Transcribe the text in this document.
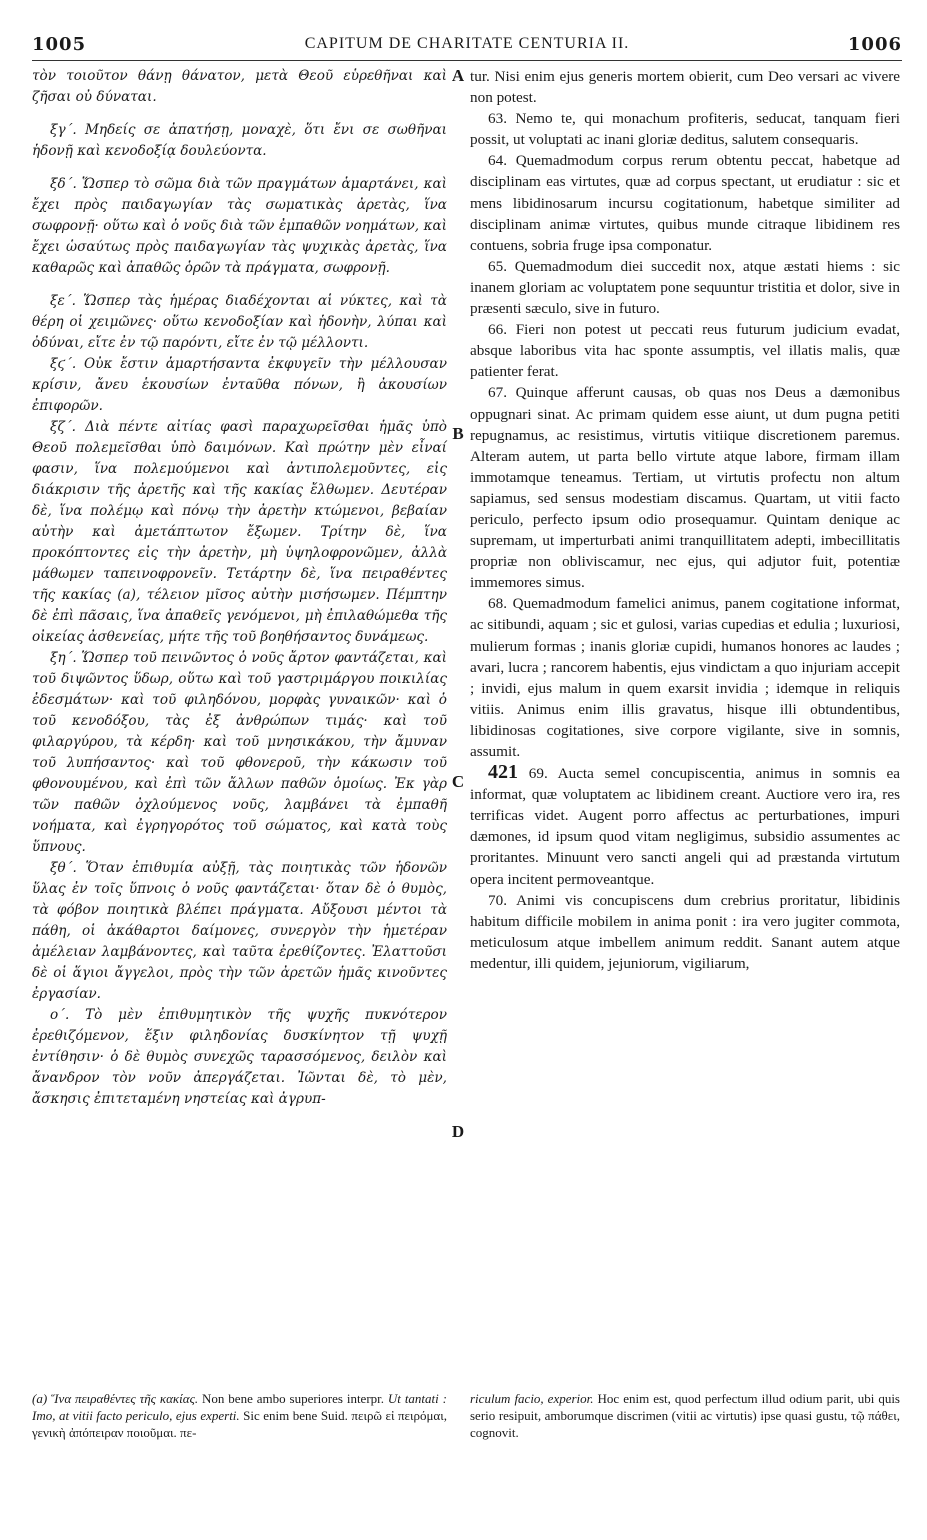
1005	CAPITUM DE CHARITATE CENTURIA II.	1006

τὸν τοιοῦτον θάνῃ θάνατον, μετὰ Θεοῦ εὑρεθῆναι καὶ ζῆσαι οὐ δύναται.

ξγ΄. Μηδείς σε ἀπατήσῃ, μοναχὲ, ὅτι ἔνι σε σωθῆναι ἡδονῇ καὶ κενοδοξίᾳ δουλεύοντα.

ξδ΄. Ὥσπερ τὸ σῶμα διὰ τῶν πραγμάτων ἁμαρτάνει, καὶ ἔχει πρὸς παιδαγωγίαν τὰς σωματικὰς ἀρετὰς, ἵνα σωφρονῇ· οὕτω καὶ ὁ νοῦς διὰ τῶν ἐμπαθῶν νοημάτων, καὶ ἔχει ὡσαύτως πρὸς παιδαγωγίαν τὰς ψυχικὰς ἀρετὰς, ἵνα καθαρῶς καὶ ἀπαθῶς ὁρῶν τὰ πράγματα, σωφρονῇ.

ξε΄. Ὥσπερ τὰς ἡμέρας διαδέχονται αἱ νύκτες, καὶ τὰ θέρη οἱ χειμῶνες· οὕτω κενοδοξίαν καὶ ἡδονὴν, λύπαι καὶ ὀδύναι, εἴτε ἐν τῷ παρόντι, εἴτε ἐν τῷ μέλλοντι.

ξϛ΄. Οὐκ ἔστιν ἁμαρτήσαντα ἐκφυγεῖν τὴν μέλλουσαν κρίσιν, ἄνευ ἑκουσίων ἐνταῦθα πόνων, ἢ ἀκουσίων ἐπιφορῶν.

ξζ΄. Διὰ πέντε αἰτίας φασὶ παραχωρεῖσθαι ἡμᾶς ὑπὸ Θεοῦ πολεμεῖσθαι ὑπὸ δαιμόνων. Καὶ πρώτην μὲν εἶναί φασιν, ἵνα πολεμούμενοι καὶ ἀντιπολεμοῦντες, εἰς διάκρισιν τῆς ἀρετῆς καὶ τῆς κακίας ἔλθωμεν. Δευτέραν δὲ, ἵνα πολέμῳ καὶ πόνῳ τὴν ἀρετὴν κτώμενοι, βεβαίαν αὐτὴν καὶ ἀμετάπτωτον ἔξωμεν. Τρίτην δὲ, ἵνα προκόπτοντες εἰς τὴν ἀρετὴν, μὴ ὑψηλοφρονῶμεν, ἀλλὰ μάθωμεν ταπεινοφρονεῖν. Τετάρτην δὲ, ἵνα πειραθέντες τῆς κακίας (a), τέλειον μῖσος αὐτὴν μισήσωμεν. Πέμπτην δὲ ἐπὶ πᾶσαις, ἵνα ἀπαθεῖς γενόμενοι, μὴ ἐπιλαθώμεθα τῆς οἰκείας ἀσθενείας, μήτε τῆς τοῦ βοηθήσαντος δυνάμεως.

ξη΄. Ὥσπερ τοῦ πεινῶντος ὁ νοῦς ἄρτον φαντάζεται, καὶ τοῦ διψῶντος ὕδωρ, οὕτω καὶ τοῦ γαστριμάργου ποικιλίας ἐδεσμάτων· καὶ τοῦ φιληδόνου, μορφὰς γυναικῶν· καὶ ὁ τοῦ κενοδόξου, τὰς ἐξ ἀνθρώπων τιμάς· καὶ τοῦ φιλαργύρου, τὰ κέρδη· καὶ τοῦ μνησικάκου, τὴν ἄμυναν τοῦ λυπήσαντος· καὶ τοῦ φθονεροῦ, τὴν κάκωσιν τοῦ φθονουμένου, καὶ ἐπὶ τῶν ἄλλων παθῶν ὁμοίως. Ἐκ γὰρ τῶν παθῶν ὀχλούμενος νοῦς, λαμβάνει τὰ ἐμπαθῆ νοήματα, καὶ ἐγρηγορότος τοῦ σώματος, καὶ κατὰ τοὺς ὕπνους.

ξθ΄. Ὅταν ἐπιθυμία αὐξῇ, τὰς ποιητικὰς τῶν ἡδονῶν ὕλας ἐν τοῖς ὕπνοις ὁ νοῦς φαντάζεται· ὅταν δὲ ὁ θυμὸς, τὰ φόβον ποιητικὰ βλέπει πράγματα. Αὔξουσι μέντοι τὰ πάθη, οἱ ἀκάθαρτοι δαίμονες, συνεργὸν τὴν ἡμετέραν ἀμέλειαν λαμβάνοντες, καὶ ταῦτα ἐρεθίζοντες. Ἐλαττοῦσι δὲ οἱ ἅγιοι ἄγγελοι, πρὸς τὴν τῶν ἀρετῶν ἡμᾶς κινοῦντες ἐργασίαν.

ο΄. Τὸ μὲν ἐπιθυμητικὸν τῆς ψυχῆς πυκνότερον ἐρεθιζόμενον, ἕξιν φιληδονίας δυσκίνητον τῇ ψυχῇ ἐντίθησιν· ὁ δὲ θυμὸς συνεχῶς ταρασσόμενος, δειλὸν καὶ ἄνανδρον τὸν νοῦν ἀπεργάζεται. Ἰῶνται δὲ, τὸ μὲν, ἄσκησις ἐπιτεταμένη νηστείας καὶ ἀγρυπ-

A
B
C
D

tur. Nisi enim ejus generis mortem obierit, cum Deo versari ac vivere non potest.

63. Nemo te, qui monachum profiteris, seducat, tanquam fieri possit, ut voluptati ac inani gloriæ deditus, salutem consequaris.

64. Quemadmodum corpus rerum obtentu peccat, habetque ad disciplinam eas virtutes, quæ ad corpus spectant, ut erudiatur : sic et mens libidinosarum incursu cogitationum, habetque similiter ad disciplinam animæ virtutes, quibus munde citraque libidinem res contuens, sobria fruge ipsa componatur.

65. Quemadmodum diei succedit nox, atque æstati hiems : sic inanem gloriam ac voluptatem pone sequuntur tristitia et dolor, sive in præsenti sæculo, sive in futuro.

66. Fieri non potest ut peccati reus futurum judicium evadat, absque laboribus vita hac sponte assumptis, vel illatis malis, quæ patienter ferat.

67. Quinque afferunt causas, ob quas nos Deus a dæmonibus oppugnari sinat. Ac primam quidem esse aiunt, ut dum pugna petiti repugnamus, ac resistimus, virtutis vitiique discretionem paremus. Alteram autem, ut parta bello virtute atque labore, firmam illam immotamque teneamus. Tertiam, ut virtutis profectu non altum sapiamus, sed sensus modestiam discamus. Quartam, ut vitii facto periculo, perfecto ipsum odio prosequamur. Quintam denique ac supremam, ut imperturbati animi tranquillitatem adepti, imbecillitatis propriæ non obliviscamur, nec ejus, qui adjutor fuit, potentiæ immemores simus.

68. Quemadmodum famelici animus, panem cogitatione informat, ac sitibundi, aquam ; sic et gulosi, varias cupedias et edulia ; luxuriosi, mulierum formas ; inanis gloriæ cupidi, humanos honores ac laudes ; avari, lucra ; rancorem habentis, ejus vindictam a quo injuriam accepit ; invidi, ejus malum in quem exarsit invidia ; idemque in reliquis vitiis. Animus enim illis gravatus, hisque illi obtundentibus, libidinosas cogitationes, sive corpore vigilante, sive in somnis, assumit.

421 69. Aucta semel concupiscentia, animus in somnis ea informat, quæ voluptatem ac libidinem creant. Auctiore vero ira, res terrificas videt. Augent porro affectus ac perturbationes, impuri dæmones, id ipsum quod vitam negligimus, subsidio assumentes ac proritantes. Minuunt vero sancti angeli qui ad præstanda virtutum opera incitent permoveantque.

70. Animi vis concupiscens dum crebrius proritatur, libidinis habitum difficile mobilem in anima ponit : ira vero jugiter commota, meticulosum atque imbellem animum reddit. Sanant autem atque medentur, illi quidem, jejuniorum, vigiliarum,

(a) Ἵνα πειραθέντες τῆς κακίας. Non bene ambo superiores interpr. Ut tantati : Imo, at vitii facto periculo, ejus experti. Sic enim bene Suid. πειρῶ εἰ πειρόμαι, γενικὴ ἀπόπειραν ποιοῦμαι. πε-
riculum facio, experior. Hoc enim est, quod perfectum illud odium parit, ubi quis serio resipuit, amborumque discrimen (vitii ac virtutis) ipse quasi gustu, τῷ πάθει, cognovit.
